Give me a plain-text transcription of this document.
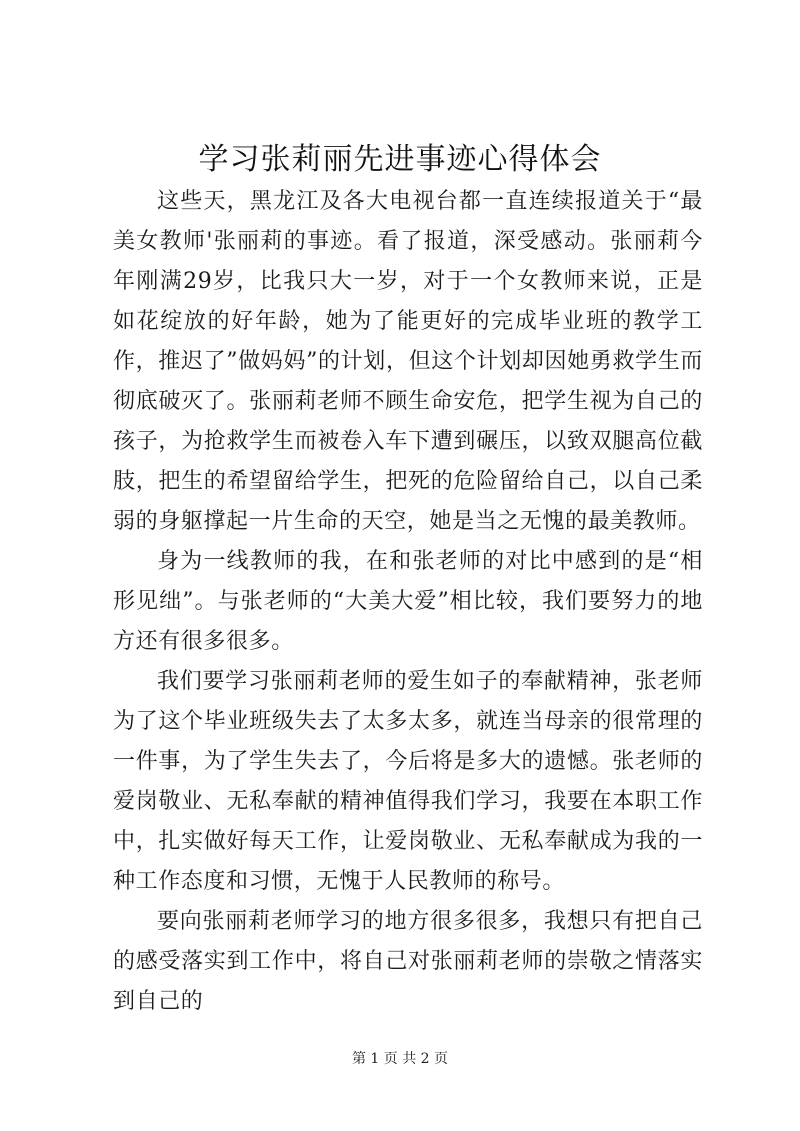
学习张莉丽先进事迹心得体会

这些天，黑龙江及各大电视台都一直连续报道关于“最美女教师'张丽莉的事迹。看了报道，深受感动。张丽莉今年刚满29岁，比我只大一岁，对于一个女教师来说，正是如花绽放的好年龄，她为了能更好的完成毕业班的教学工作，推迟了”做妈妈”的计划，但这个计划却因她勇救学生而彻底破灭了。张丽莉老师不顾生命安危，把学生视为自己的孩子，为抢救学生而被卷入车下遭到碾压，以致双腿高位截肢，把生的希望留给学生，把死的危险留给自己，以自己柔弱的身躯撑起一片生命的天空，她是当之无愧的最美教师。

身为一线教师的我，在和张老师的对比中感到的是“相形见绌”。与张老师的“大美大爱”相比较，我们要努力的地方还有很多很多。

我们要学习张丽莉老师的爱生如子的奉献精神，张老师为了这个毕业班级失去了太多太多，就连当母亲的很常理的一件事，为了学生失去了，今后将是多大的遗憾。张老师的爱岗敬业、无私奉献的精神值得我们学习，我要在本职工作中，扎实做好每天工作，让爱岗敬业、无私奉献成为我的一种工作态度和习惯，无愧于人民教师的称号。

要向张丽莉老师学习的地方很多很多，我想只有把自己的感受落实到工作中，将自己对张丽莉老师的崇敬之情落实到自己的

第 1 页 共 2 页
